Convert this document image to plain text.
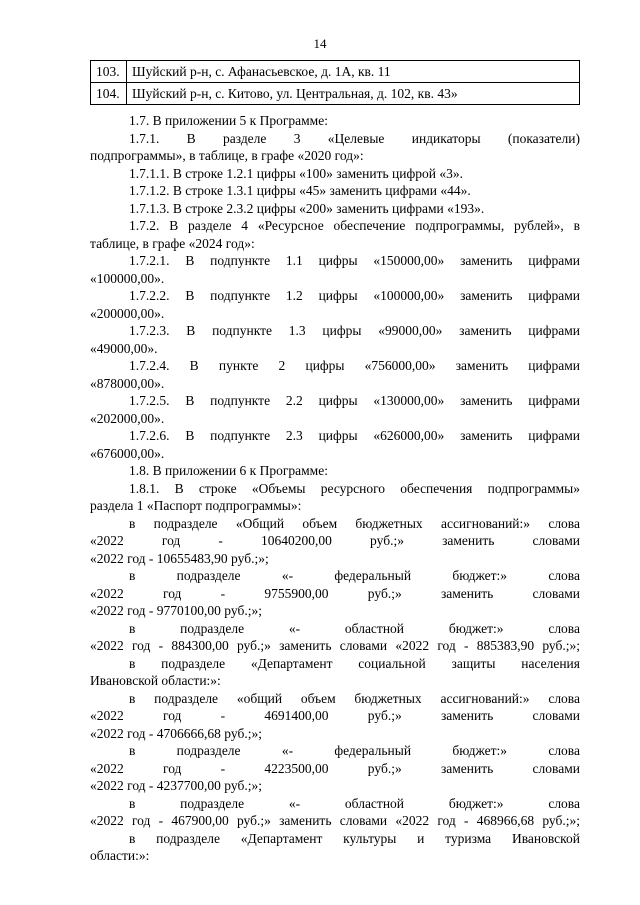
14
103.	Шуйский р-н, с. Афанасьевское, д. 1А, кв. 11
104.	Шуйский р-н, с. Китово, ул. Центральная, д. 102, кв. 43»

1.7. В приложении 5 к Программе:

1.7.1. В разделе 3 «Целевые индикаторы (показатели)

подпрограммы», в таблице, в графе «2020 год»:

1.7.1.1. В строке 1.2.1 цифры «100» заменить цифрой «3».

1.7.1.2. В строке 1.3.1 цифры «45» заменить цифрами «44».

1.7.1.3. В строке 2.3.2 цифры «200» заменить цифрами «193».

1.7.2. В разделе 4 «Ресурсное обеспечение подпрограммы, рублей», в

таблице, в графе «2024 год»:

1.7.2.1. В подпункте 1.1 цифры «150000,00» заменить цифрами

«100000,00».

1.7.2.2. В подпункте 1.2 цифры «100000,00» заменить цифрами

«200000,00».

1.7.2.3. В подпункте 1.3 цифры «99000,00» заменить цифрами

«49000,00».

1.7.2.4. В пункте 2 цифры «756000,00» заменить цифрами

«878000,00».

1.7.2.5. В подпункте 2.2 цифры «130000,00» заменить цифрами

«202000,00».

1.7.2.6. В подпункте 2.3 цифры «626000,00» заменить цифрами

«676000,00».

1.8. В приложении 6 к Программе:

1.8.1. В строке «Объемы ресурсного обеспечения подпрограммы»

раздела 1 «Паспорт подпрограммы»:

в подразделе «Общий объем бюджетных ассигнований:» слова

«2022 год - 10640200,00 руб.;» заменить словами

«2022 год - 10655483,90 руб.;»;

в подразделе «- федеральный бюджет:» слова

«2022 год - 9755900,00 руб.;» заменить словами

«2022 год - 9770100,00 руб.;»;

в подразделе «- областной бюджет:» слова

«2022 год - 884300,00 руб.;» заменить словами «2022 год - 885383,90 руб.;»;

в подразделе «Департамент социальной защиты населения

Ивановской области:»:

в подразделе «общий объем бюджетных ассигнований:» слова

«2022 год - 4691400,00 руб.;» заменить словами

«2022 год - 4706666,68 руб.;»;

в подразделе «- федеральный бюджет:» слова

«2022 год - 4223500,00 руб.;» заменить словами

«2022 год - 4237700,00 руб.;»;

в подразделе «- областной бюджет:» слова

«2022 год - 467900,00 руб.;» заменить словами «2022 год - 468966,68 руб.;»;

в подразделе «Департамент культуры и туризма Ивановской

области:»:
